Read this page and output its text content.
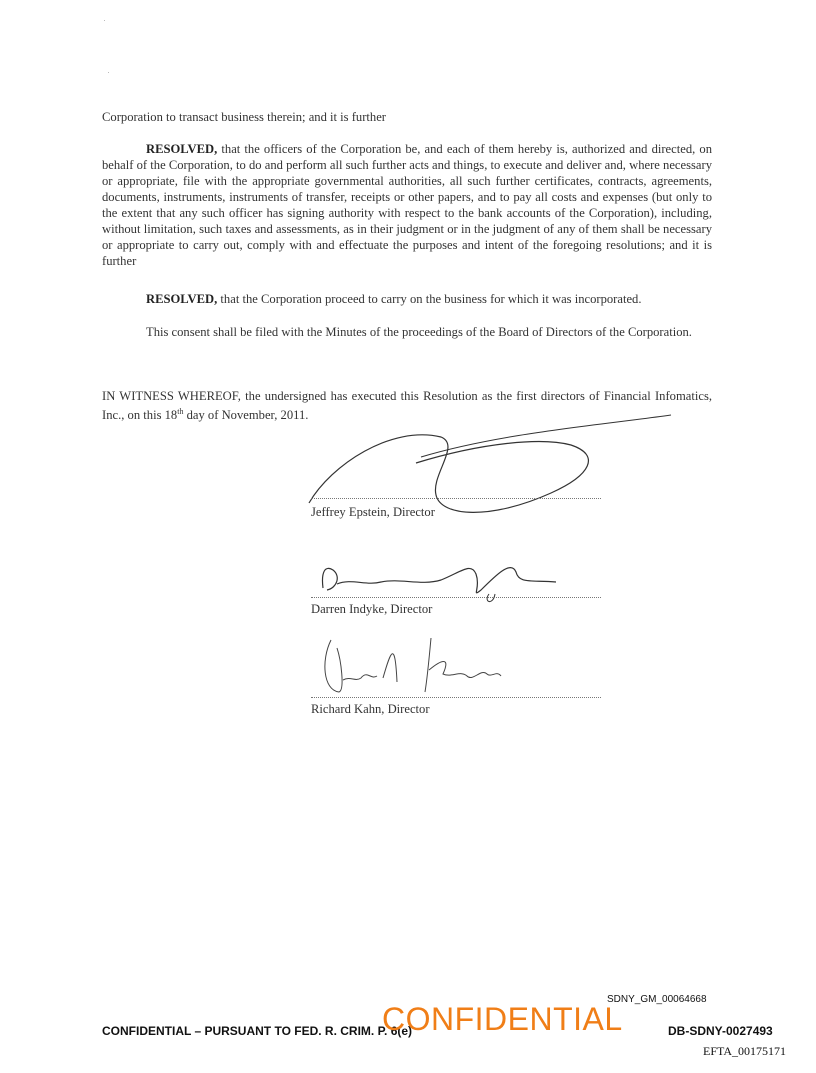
Corporation to transact business therein; and it is further
RESOLVED, that the officers of the Corporation be, and each of them hereby is, authorized and directed, on behalf of the Corporation, to do and perform all such further acts and things, to execute and deliver and, where necessary or appropriate, file with the appropriate governmental authorities, all such further certificates, contracts, agreements, documents, instruments, instruments of transfer, receipts or other papers, and to pay all costs and expenses (but only to the extent that any such officer has signing authority with respect to the bank accounts of the Corporation), including, without limitation, such taxes and assessments, as in their judgment or in the judgment of any of them shall be necessary or appropriate to carry out, comply with and effectuate the purposes and intent of the foregoing resolutions; and it is further
RESOLVED, that the Corporation proceed to carry on the business for which it was incorporated.
This consent shall be filed with the Minutes of the proceedings of the Board of Directors of the Corporation.
IN WITNESS WHEREOF, the undersigned has executed this Resolution as the first directors of Financial Infomatics, Inc., on this 18th day of November, 2011.
Jeffrey Epstein, Director
Darren Indyke, Director
Richard Kahn, Director
SDNY_GM_00064668
CONFIDENTIAL – PURSUANT TO FED. R. CRIM. P. 6(e)
CONFIDENTIAL	DB-SDNY-0027493
EFTA_00175171
